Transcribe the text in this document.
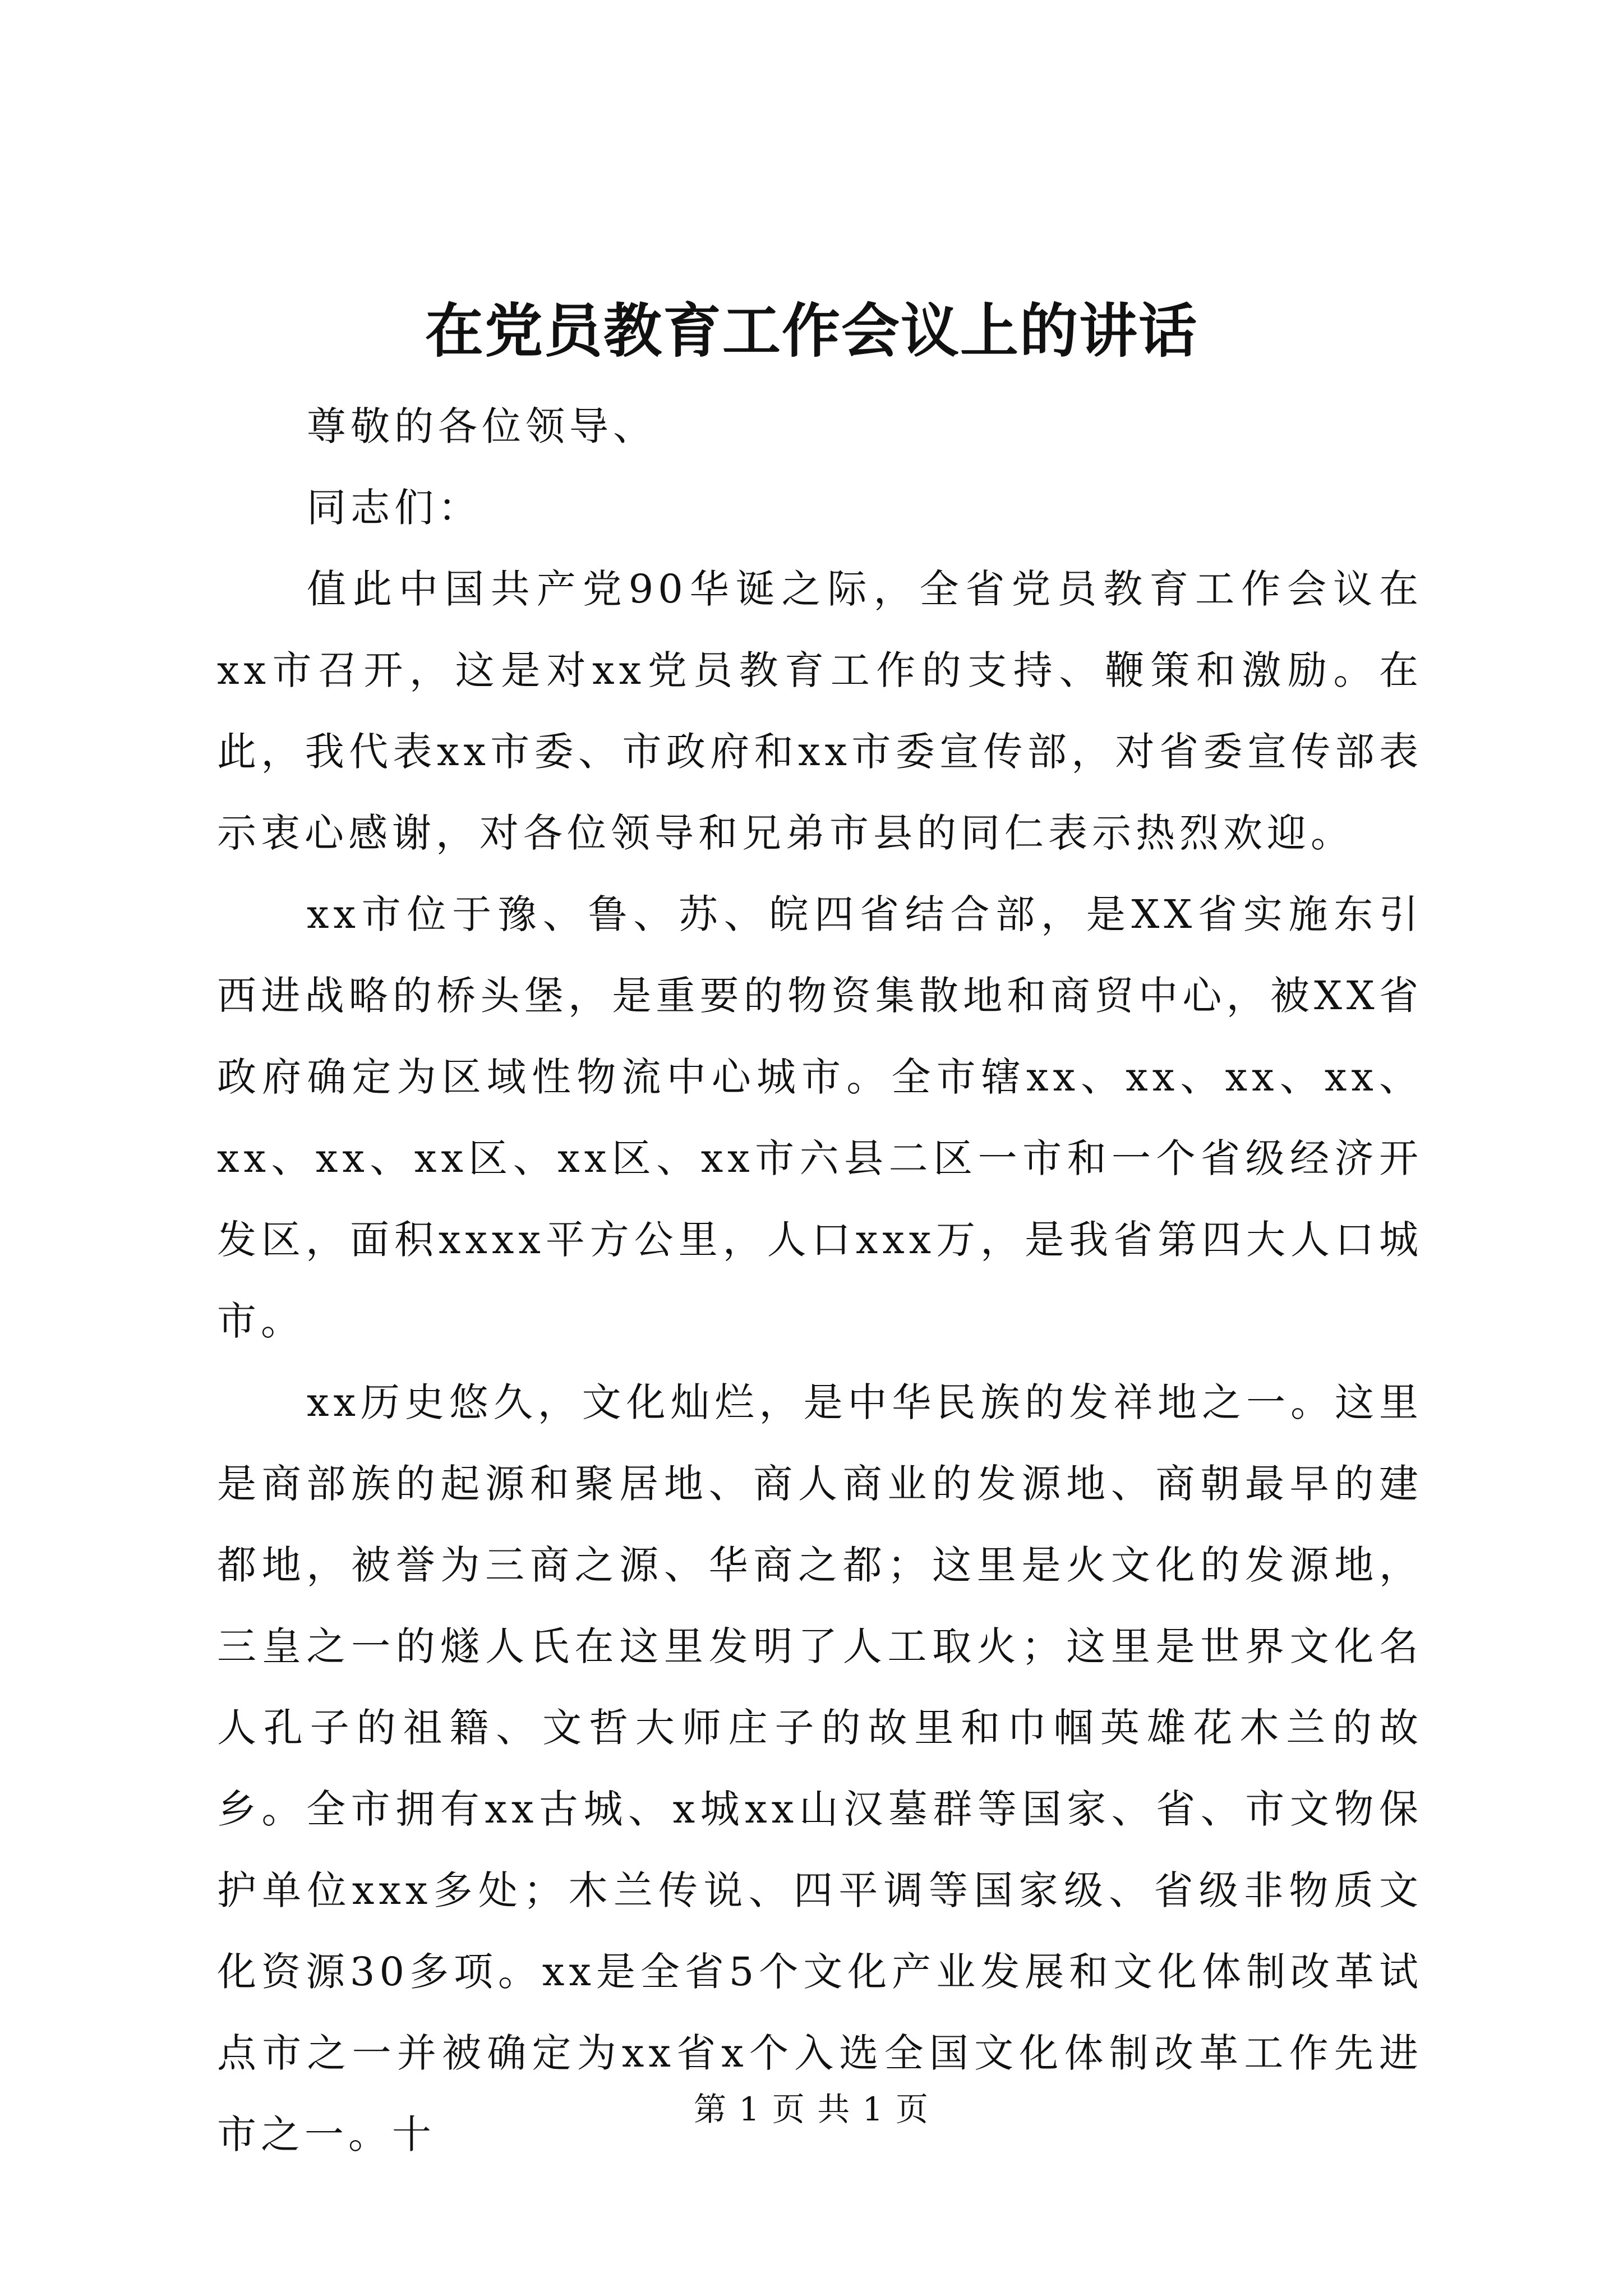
在党员教育工作会议上的讲话

尊敬的各位领导、

同志们：

值此中国共产党90华诞之际，全省党员教育工作会议在xx市召开，这是对xx党员教育工作的支持、鞭策和激励。在此，我代表xx市委、市政府和xx市委宣传部，对省委宣传部表示衷心感谢，对各位领导和兄弟市县的同仁表示热烈欢迎。

xx市位于豫、鲁、苏、皖四省结合部，是XX省实施东引西进战略的桥头堡，是重要的物资集散地和商贸中心，被XX省政府确定为区域性物流中心城市。全市辖xx、xx、xx、xx、xx、xx、xx区、xx区、xx市六县二区一市和一个省级经济开发区，面积xxxx平方公里，人口xxx万，是我省第四大人口城市。

xx历史悠久，文化灿烂，是中华民族的发祥地之一。这里是商部族的起源和聚居地、商人商业的发源地、商朝最早的建都地，被誉为三商之源、华商之都；这里是火文化的发源地，三皇之一的燧人氏在这里发明了人工取火；这里是世界文化名人孔子的祖籍、文哲大师庄子的故里和巾帼英雄花木兰的故乡。全市拥有xx古城、x城xx山汉墓群等国家、省、市文物保护单位xxx多处；木兰传说、四平调等国家级、省级非物质文化资源30多项。xx是全省5个文化产业发展和文化体制改革试点市之一并被确定为xx省x个入选全国文化体制改革工作先进市之一。十

第 1 页 共 1 页
